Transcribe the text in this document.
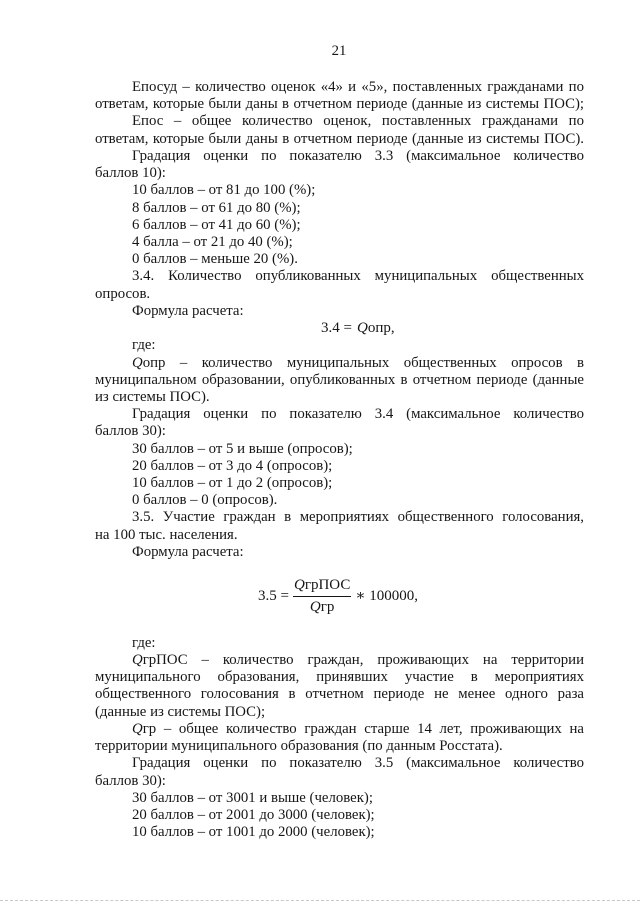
21
Епосуд – количество оценок «4» и «5», поставленных гражданами по
ответам, которые были даны в отчетном периоде (данные из системы ПОС);
Епос – общее количество оценок, поставленных гражданами по
ответам, которые были даны в отчетном периоде (данные из системы ПОС).
Градация оценки по показателю 3.3 (максимальное количество
баллов 10):
10 баллов – от 81 до 100 (%);
8 баллов – от 61 до 80 (%);
6 баллов – от 41 до 60 (%);
4 балла – от 21 до 40 (%);
0 баллов – меньше 20 (%).
3.4. Количество опубликованных муниципальных общественных
опросов.
Формула расчета:
3.4 = Qопр,
где:
Qопр – количество муниципальных общественных опросов в
муниципальном образовании, опубликованных в отчетном периоде (данные
из системы ПОС).
Градация оценки по показателю 3.4 (максимальное количество
баллов 30):
30 баллов – от 5 и выше (опросов);
20 баллов – от 3 до 4 (опросов);
10 баллов – от 1 до 2 (опросов);
0 баллов – 0 (опросов).
3.5. Участие граждан в мероприятиях общественного голосования,
на 100 тыс. населения.
Формула расчета:
$3.5 = \frac{\text{QгрПОС}}{\text{Qгр}}$ ∗ 100000,
где:
QгрПОС – количество граждан, проживающих на территории
муниципального образования, принявших участие в мероприятиях
общественного голосования в отчетном периоде не менее одного раза
(данные из системы ПОС);
Qгр – общее количество граждан старше 14 лет, проживающих на
территории муниципального образования (по данным Росстата).
Градация оценки по показателю 3.5 (максимальное количество
баллов 30):
30 баллов – от 3001 и выше (человек);
20 баллов – от 2001 до 3000 (человек);
10 баллов – от 1001 до 2000 (человек);
